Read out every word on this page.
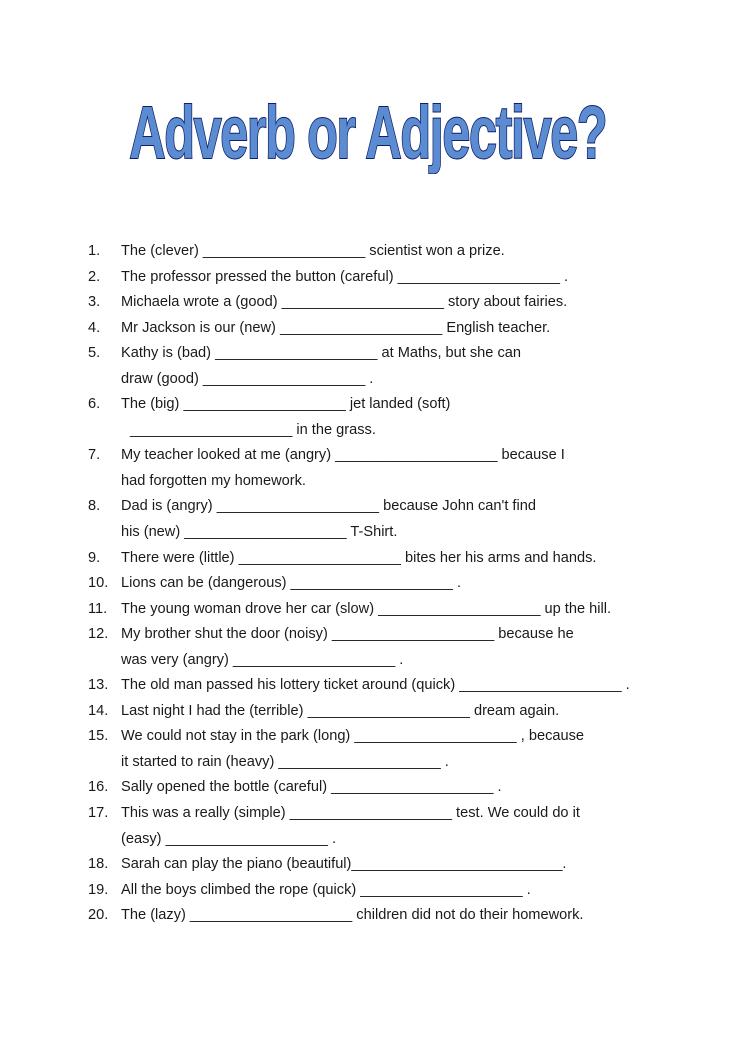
Adverb or Adjective?
1.	The (clever) ____________________ scientist won a prize.
2.	The professor pressed the button (careful) ____________________ .
3.	Michaela wrote a (good) ____________________ story about fairies.
4.	Mr Jackson is our (new) ____________________ English teacher.
5.	Kathy is (bad) ____________________ at Maths, but she can
draw (good) ____________________ .
6.	The (big) ____________________ jet landed (soft)
____________________ in the grass.
7.	My teacher looked at me (angry) ____________________ because I
had forgotten my homework.
8.	Dad is (angry) ____________________ because John can't find
his (new) ____________________ T-Shirt.
9.	There were (little) ____________________ bites her his arms and hands.
10. Lions can be (dangerous) ____________________ .
11. The young woman drove her car (slow) ____________________ up the hill.
12. My brother shut the door (noisy) ____________________ because he
was very (angry) ____________________ .
13. The old man passed his lottery ticket around (quick) ____________________ .
14. Last night I had the (terrible) ____________________ dream again.
15. We could not stay in the park (long) ____________________ , because
it started to rain (heavy) ____________________ .
16. Sally opened the bottle (careful) ____________________ .
17. This was a really (simple) ____________________ test. We could do it
(easy) ____________________ .
18. Sarah can play the piano (beautiful)__________________________.
19. All the boys climbed the rope (quick) ____________________ .
20. The (lazy) ____________________ children did not do their homework.
